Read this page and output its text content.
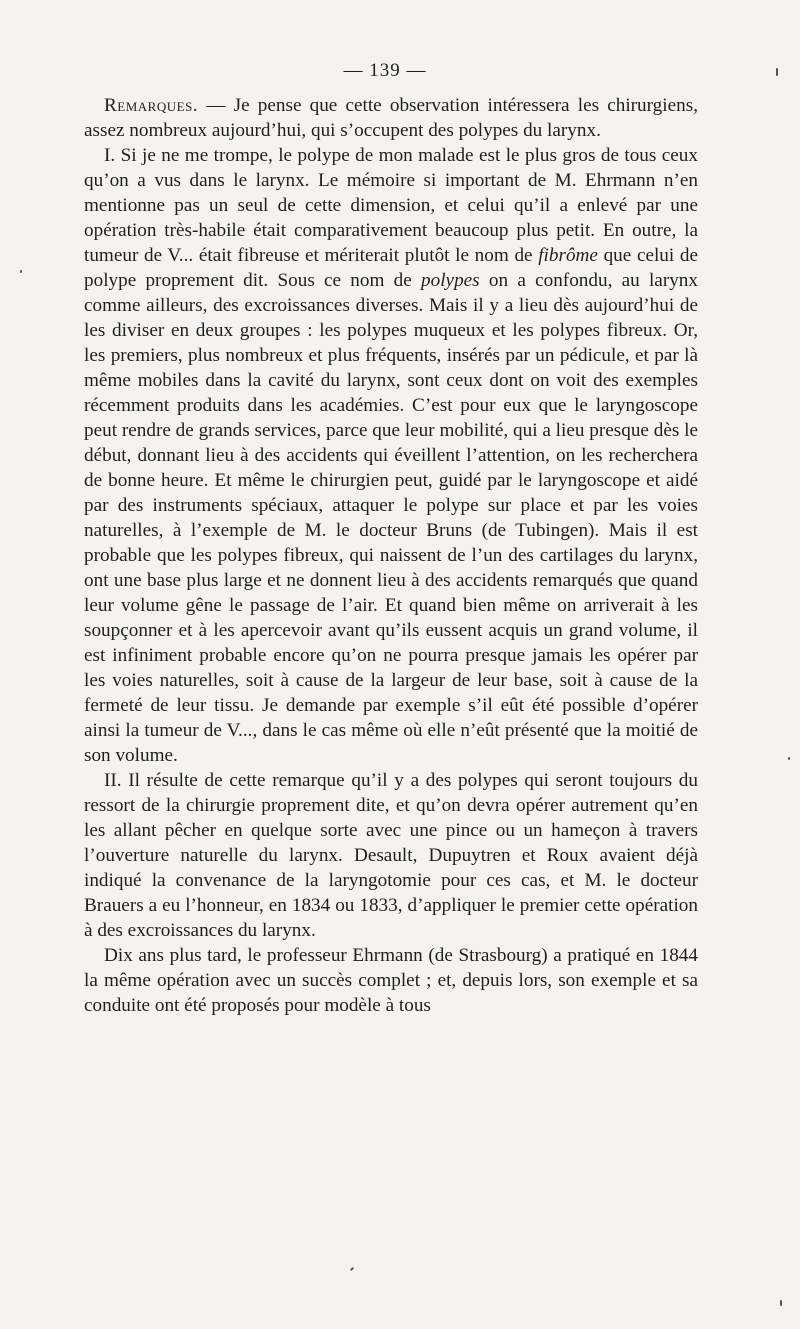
— 139 —

Remarques. — Je pense que cette observation intéressera les chirurgiens, assez nombreux aujourd’hui, qui s’occupent des polypes du larynx.

I. Si je ne me trompe, le polype de mon malade est le plus gros de tous ceux qu’on a vus dans le larynx. Le mémoire si important de M. Ehrmann n’en mentionne pas un seul de cette dimension, et celui qu’il a enlevé par une opération très-habile était comparativement beaucoup plus petit. En outre, la tumeur de V... était fibreuse et mériterait plutôt le nom de fibrôme que celui de polype proprement dit. Sous ce nom de polypes on a confondu, au larynx comme ailleurs, des excroissances diverses. Mais il y a lieu dès aujourd’hui de les diviser en deux groupes : les polypes muqueux et les polypes fibreux. Or, les premiers, plus nombreux et plus fréquents, insérés par un pédicule, et par là même mobiles dans la cavité du larynx, sont ceux dont on voit des exemples récemment produits dans les académies. C’est pour eux que le laryngoscope peut rendre de grands services, parce que leur mobilité, qui a lieu presque dès le début, donnant lieu à des accidents qui éveillent l’attention, on les recherchera de bonne heure. Et même le chirurgien peut, guidé par le laryngoscope et aidé par des instruments spéciaux, attaquer le polype sur place et par les voies naturelles, à l’exemple de M. le docteur Bruns (de Tubingen). Mais il est probable que les polypes fibreux, qui naissent de l’un des cartilages du larynx, ont une base plus large et ne donnent lieu à des accidents remarqués que quand leur volume gêne le passage de l’air. Et quand bien même on arriverait à les soupçonner et à les apercevoir avant qu’ils eussent acquis un grand volume, il est infiniment probable encore qu’on ne pourra presque jamais les opérer par les voies naturelles, soit à cause de la largeur de leur base, soit à cause de la fermeté de leur tissu. Je demande par exemple s’il eût été possible d’opérer ainsi la tumeur de V..., dans le cas même où elle n’eût présenté que la moitié de son volume.

II. Il résulte de cette remarque qu’il y a des polypes qui seront toujours du ressort de la chirurgie proprement dite, et qu’on devra opérer autrement qu’en les allant pêcher en quelque sorte avec une pince ou un hameçon à travers l’ouverture naturelle du larynx. Desault, Dupuytren et Roux avaient déjà indiqué la convenance de la laryngotomie pour ces cas, et M. le docteur Brauers a eu l’honneur, en 1834 ou 1833, d’appliquer le premier cette opération à des excroissances du larynx.

Dix ans plus tard, le professeur Ehrmann (de Strasbourg) a pratiqué en 1844 la même opération avec un succès complet ; et, depuis lors, son exemple et sa conduite ont été proposés pour modèle à tous
